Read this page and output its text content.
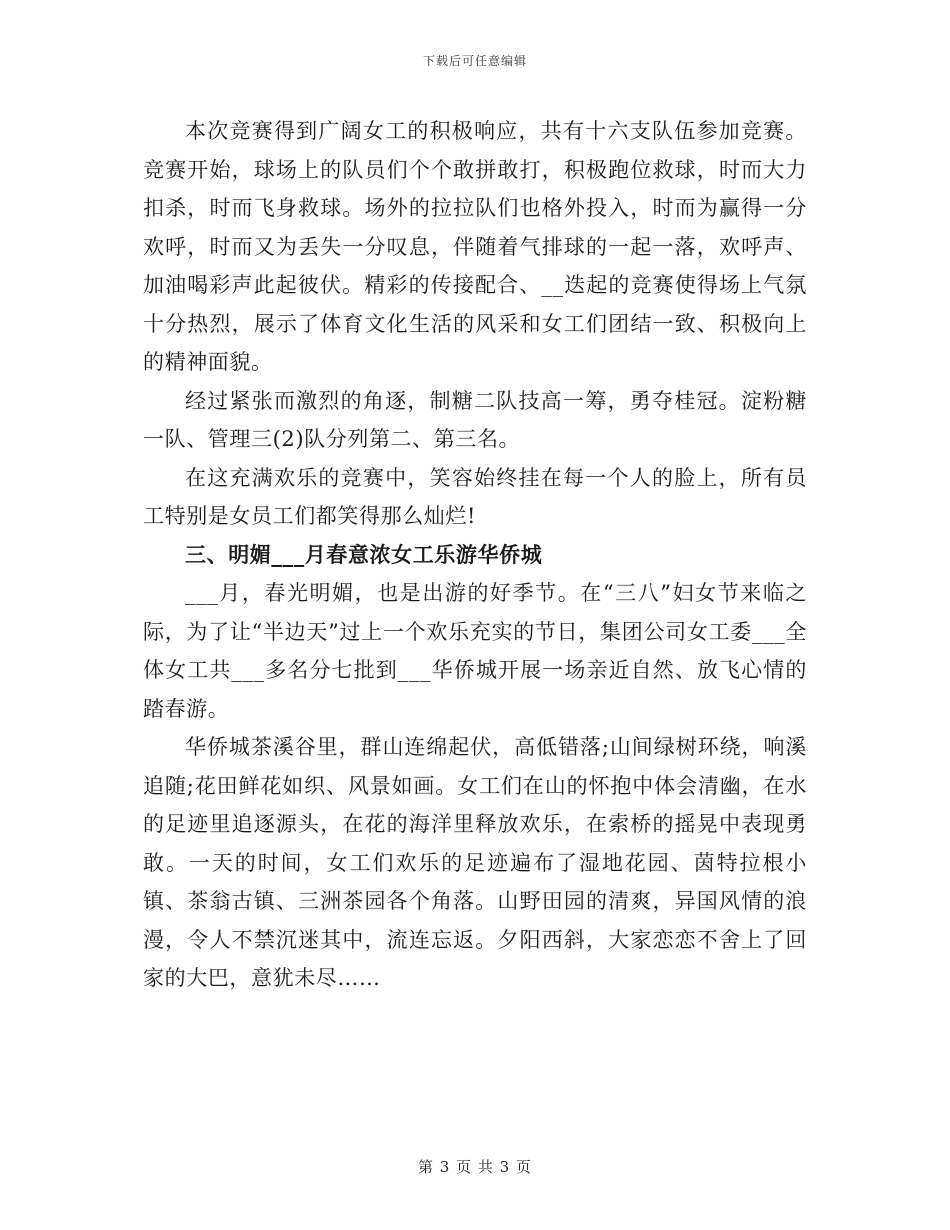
下载后可任意编辑

本次竞赛得到广阔女工的积极响应，共有十六支队伍参加竞赛。竞赛开始，球场上的队员们个个敢拼敢打，积极跑位救球，时而大力扣杀，时而飞身救球。场外的拉拉队们也格外投入，时而为赢得一分欢呼，时而又为丢失一分叹息，伴随着气排球的一起一落，欢呼声、加油喝彩声此起彼伏。精彩的传接配合、__迭起的竞赛使得场上气氛十分热烈，展示了体育文化生活的风采和女工们团结一致、积极向上的精神面貌。

经过紧张而激烈的角逐，制糖二队技高一筹，勇夺桂冠。淀粉糖一队、管理三(2)队分列第二、第三名。

在这充满欢乐的竞赛中，笑容始终挂在每一个人的脸上，所有员工特别是女员工们都笑得那么灿烂!

三、明媚___月春意浓女工乐游华侨城

___月，春光明媚，也是出游的好季节。在“三八”妇女节来临之际，为了让“半边天”过上一个欢乐充实的节日，集团公司女工委___全体女工共___多名分七批到___华侨城开展一场亲近自然、放飞心情的踏春游。

华侨城茶溪谷里，群山连绵起伏，高低错落;山间绿树环绕，响溪追随;花田鲜花如织、风景如画。女工们在山的怀抱中体会清幽，在水的足迹里追逐源头，在花的海洋里释放欢乐，在索桥的摇晃中表现勇敢。一天的时间，女工们欢乐的足迹遍布了湿地花园、茵特拉根小镇、茶翁古镇、三洲茶园各个角落。山野田园的清爽，异国风情的浪漫，令人不禁沉迷其中，流连忘返。夕阳西斜，大家恋恋不舍上了回家的大巴，意犹未尽……

第 3 页 共 3 页
